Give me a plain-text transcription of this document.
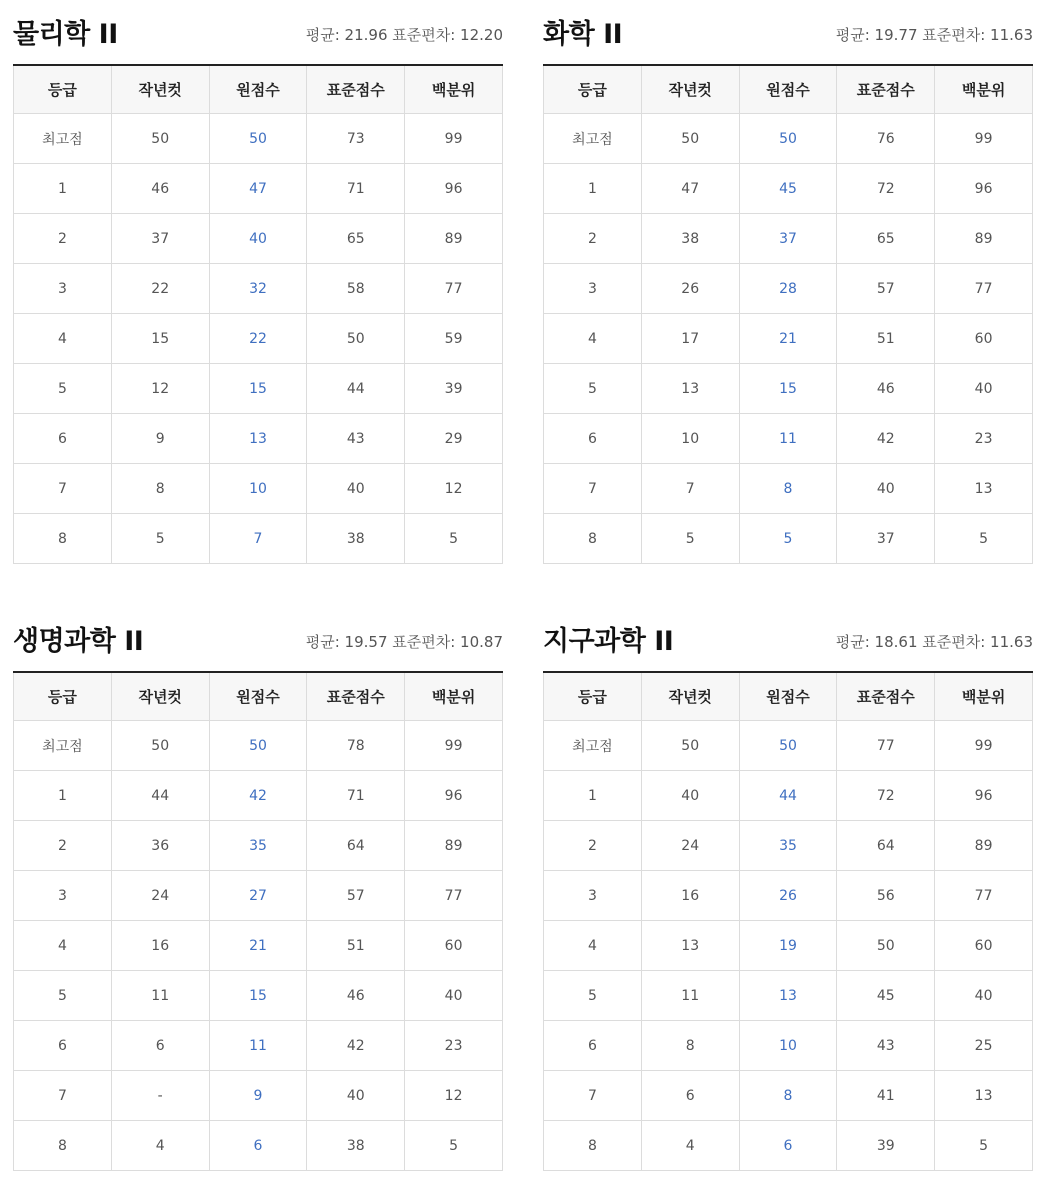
물리학 II	평균: 21.96 표준편차: 12.20
등급	작년컷	원점수	표준점수	백분위
최고점	50	50	73	99
1	46	47	71	96
2	37	40	65	89
3	22	32	58	77
4	15	22	50	59
5	12	15	44	39
6	9	13	43	29
7	8	10	40	12
8	5	7	38	5
화학 II	평균: 19.77 표준편차: 11.63
등급	작년컷	원점수	표준점수	백분위
최고점	50	50	76	99
1	47	45	72	96
2	38	37	65	89
3	26	28	57	77
4	17	21	51	60
5	13	15	46	40
6	10	11	42	23
7	7	8	40	13
8	5	5	37	5
생명과학 II	평균: 19.57 표준편차: 10.87
등급	작년컷	원점수	표준점수	백분위
최고점	50	50	78	99
1	44	42	71	96
2	36	35	64	89
3	24	27	57	77
4	16	21	51	60
5	11	15	46	40
6	6	11	42	23
7	-	9	40	12
8	4	6	38	5
지구과학 II	평균: 18.61 표준편차: 11.63
등급	작년컷	원점수	표준점수	백분위
최고점	50	50	77	99
1	40	44	72	96
2	24	35	64	89
3	16	26	56	77
4	13	19	50	60
5	11	13	45	40
6	8	10	43	25
7	6	8	41	13
8	4	6	39	5
